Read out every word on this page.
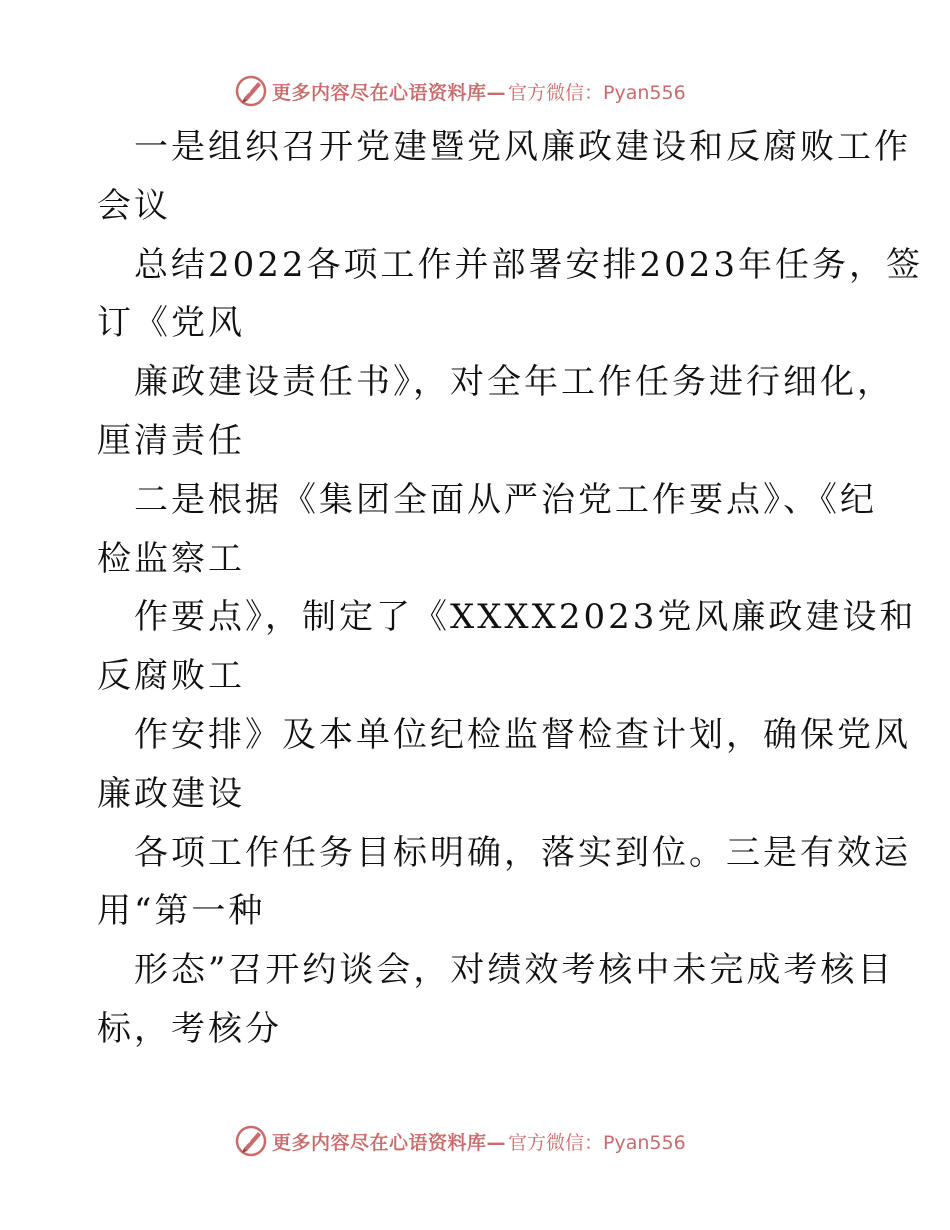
更多内容尽在心语资料库— 官方微信：Pyan556
一是组织召开党建暨党风廉政建设和反腐败工作
会议
总结2022各项工作并部署安排2023年任务，签
订《党风
廉政建设责任书》，对全年工作任务进行细化，
厘清责任
二是根据《集团全面从严治党工作要点》、《纪
检监察工
作要点》，制定了《XXXX2023党风廉政建设和
反腐败工
作安排》及本单位纪检监督检查计划，确保党风
廉政建设
各项工作任务目标明确，落实到位。三是有效运
用“第一种
形态”召开约谈会，对绩效考核中未完成考核目
标，考核分
更多内容尽在心语资料库— 官方微信：Pyan556
